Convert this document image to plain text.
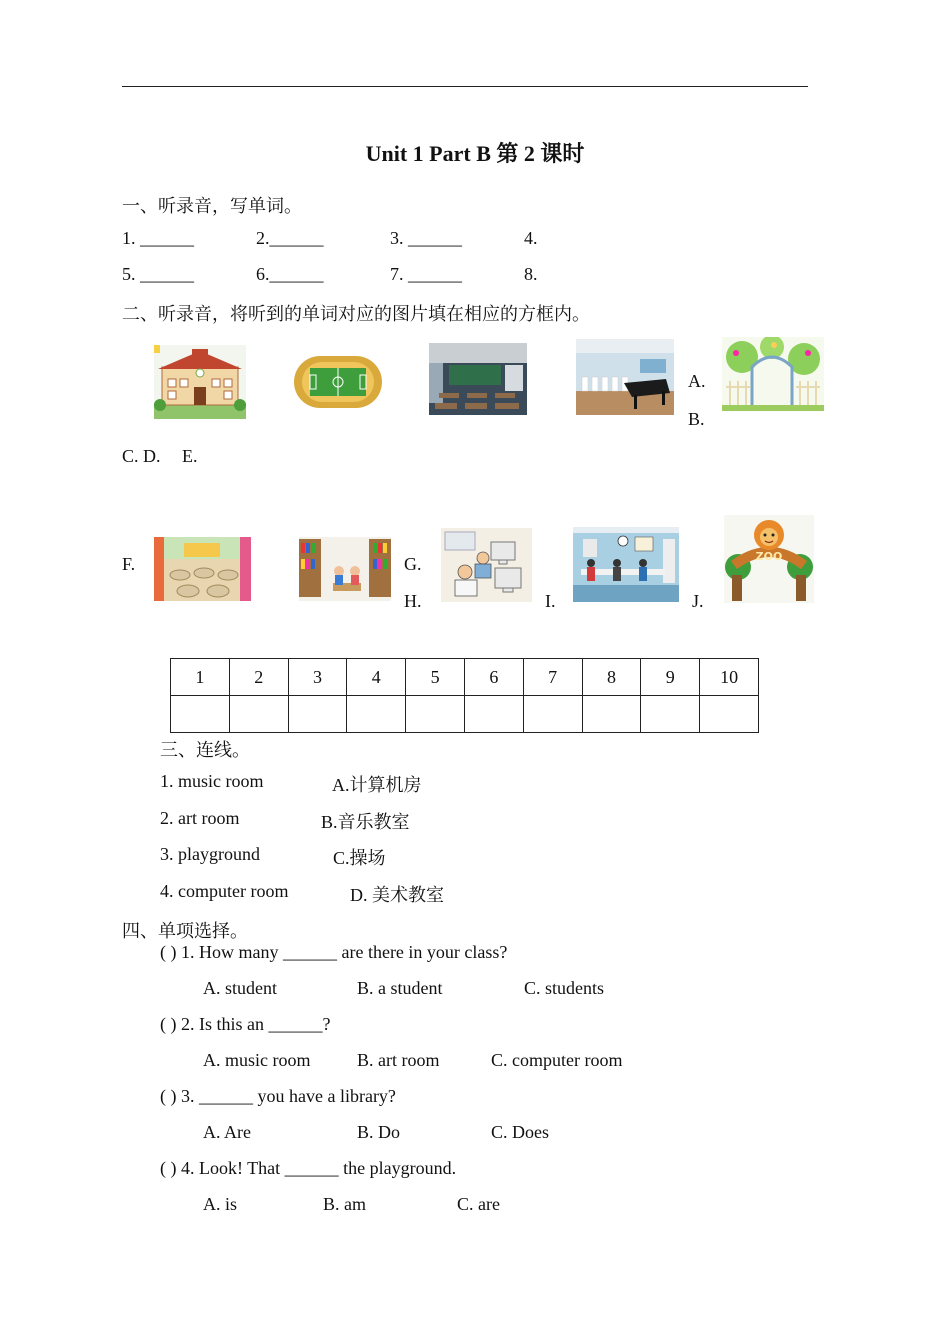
Unit 1 Part B 第 2 课时
一、听录音，写单词。
1. ______	2.______	3. ______	4.
5. ______	6.______	7. ______	8.
二、听录音，将听到的单词对应的图片填在相应的方框内。
A.
B.
C. D. E.
F.	G.
H.	I.	J.
ZOO
1	2	3	4	5	6	7	8	9	10

三、连线。
1. music room	A.计算机房
2. art room	B.音乐教室
3. playground	C.操场
4. computer room	D. 美术教室
四、单项选择。
( ) 1. How many ______ are there in your class?
A. student	B. a student	C. students
( ) 2. Is this an ______?
A. music room	B. art room	C. computer room
( ) 3. ______ you have a library?
A. Are	B. Do	C. Does
( ) 4. Look! That ______ the playground.
A. is	B. am	C. are
